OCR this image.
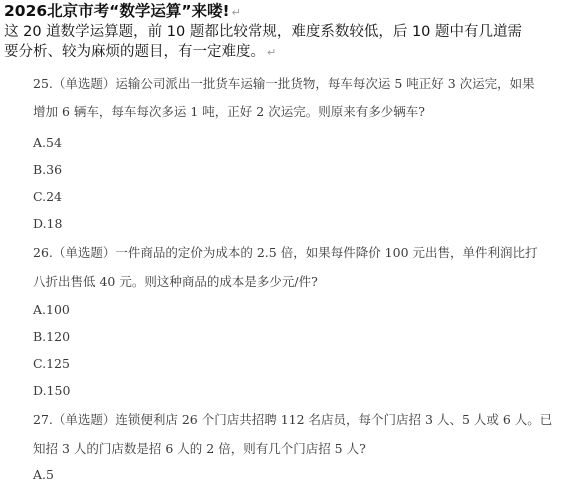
2026北京市考“数学运算”来喽! ↵
这 20 道数学运算题，前 10 题都比较常规，难度系数较低，后 10 题中有几道需
要分析、较为麻烦的题目，有一定难度。 ↵
25.（单选题）运输公司派出一批货车运输一批货物，每车每次运 5 吨正好 3 次运完，如果
增加 6 辆车，每车每次多运 1 吨，正好 2 次运完。则原来有多少辆车?
A.54
B.36
C.24
D.18
26.（单选题）一件商品的定价为成本的 2.5 倍，如果每件降价 100 元出售，单件利润比打
八折出售低 40 元。则这种商品的成本是多少元/件?
A.100
B.120
C.125
D.150
27.（单选题）连锁便利店 26 个门店共招聘 112 名店员，每个门店招 3 人、5 人或 6 人。已
知招 3 人的门店数是招 6 人的 2 倍，则有几个门店招 5 人?
A.5
